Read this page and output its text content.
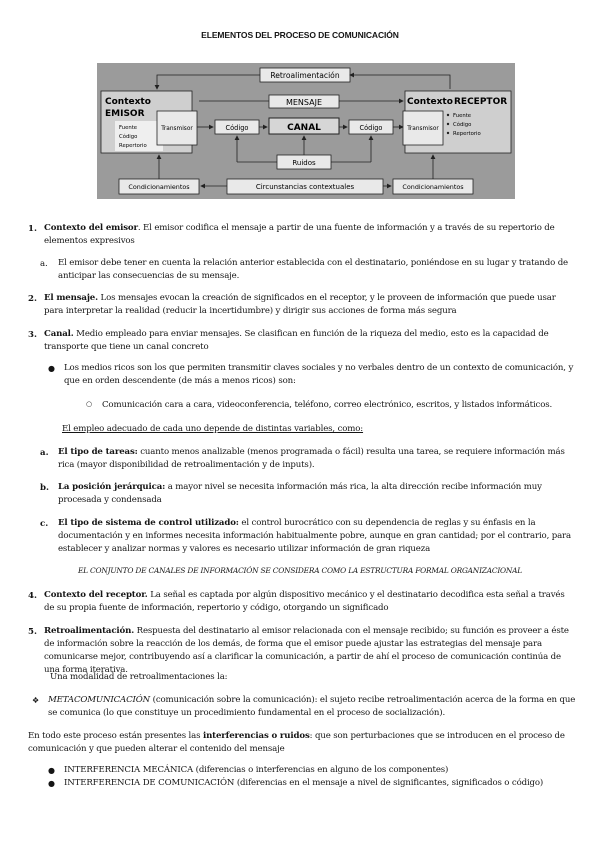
ELEMENTOS DEL PROCESO DE COMUNICACIÓN
Retroalimentación
Contexto
EMISOR
Fuente
Código
Repertorio
Transmisor
MENSAJE
Código	CANAL	Código
Contexto RECEPTOR
Transmisor
Fuente
Código
Repertorio
Ruidos
Condicionamientos	Circunstancias contextuales	Condicionamientos
1. Contexto del emisor. El emisor codifica el mensaje a partir de una fuente de información y a través de su repertorio de elementos expresivos
a. El emisor debe tener en cuenta la relación anterior establecida con el destinatario, poniéndose en su lugar y tratando de anticipar las consecuencias de su mensaje.
2. El mensaje. Los mensajes evocan la creación de significados en el receptor, y le proveen de información que puede usar para interpretar la realidad (reducir la incertidumbre) y dirigir sus acciones de forma más segura
3. Canal. Medio empleado para enviar mensajes. Se clasifican en función de la riqueza del medio, esto es la capacidad de transporte que tiene un canal concreto
● Los medios ricos son los que permiten transmitir claves sociales y no verbales dentro de un contexto de comunicación, y que en orden descendente (de más a menos ricos) son:
○ Comunicación cara a cara, videoconferencia, teléfono, correo electrónico, escritos, y listados informáticos.
El empleo adecuado de cada uno depende de distintas variables, como:
a. El tipo de tareas: cuanto menos analizable (menos programada o fácil) resulta una tarea, se requiere información más rica (mayor disponibilidad de retroalimentación y de inputs).
b. La posición jerárquica: a mayor nivel se necesita información más rica, la alta dirección recibe información muy procesada y condensada
c. El tipo de sistema de control utilizado: el control burocrático con su dependencia de reglas y su énfasis en la documentación y en informes necesita información habitualmente pobre, aunque en gran cantidad; por el contrario, para establecer y analizar normas y valores es necesario utilizar información de gran riqueza
EL CONJUNTO DE CANALES DE INFORMACIÓN SE CONSIDERA COMO LA ESTRUCTURA FORMAL ORGANIZACIONAL
4. Contexto del receptor. La señal es captada por algún dispositivo mecánico y el destinatario decodifica esta señal a través de su propia fuente de información, repertorio y código, otorgando un significado
5. Retroalimentación. Respuesta del destinatario al emisor relacionada con el mensaje recibido; su función es proveer a éste de información sobre la reacción de los demás, de forma que el emisor puede ajustar las estrategias del mensaje para comunicarse mejor, contribuyendo así a clarificar la comunicación, a partir de ahí el proceso de comunicación continúa de una forma iterativa.
Una modalidad de retroalimentaciones la:
❖ METACOMUNICACIÓN (comunicación sobre la comunicación): el sujeto recibe retroalimentación acerca de la forma en que se comunica (lo que constituye un procedimiento fundamental en el proceso de socialización).
En todo este proceso están presentes las interferencias o ruidos: que son perturbaciones que se introducen en el proceso de comunicación y que pueden alterar el contenido del mensaje
● INTERFERENCIA MECÁNICA (diferencias o interferencias en alguno de los componentes)
● INTERFERENCIA DE COMUNICACIÓN (diferencias en el mensaje a nivel de significantes, significados o código)
